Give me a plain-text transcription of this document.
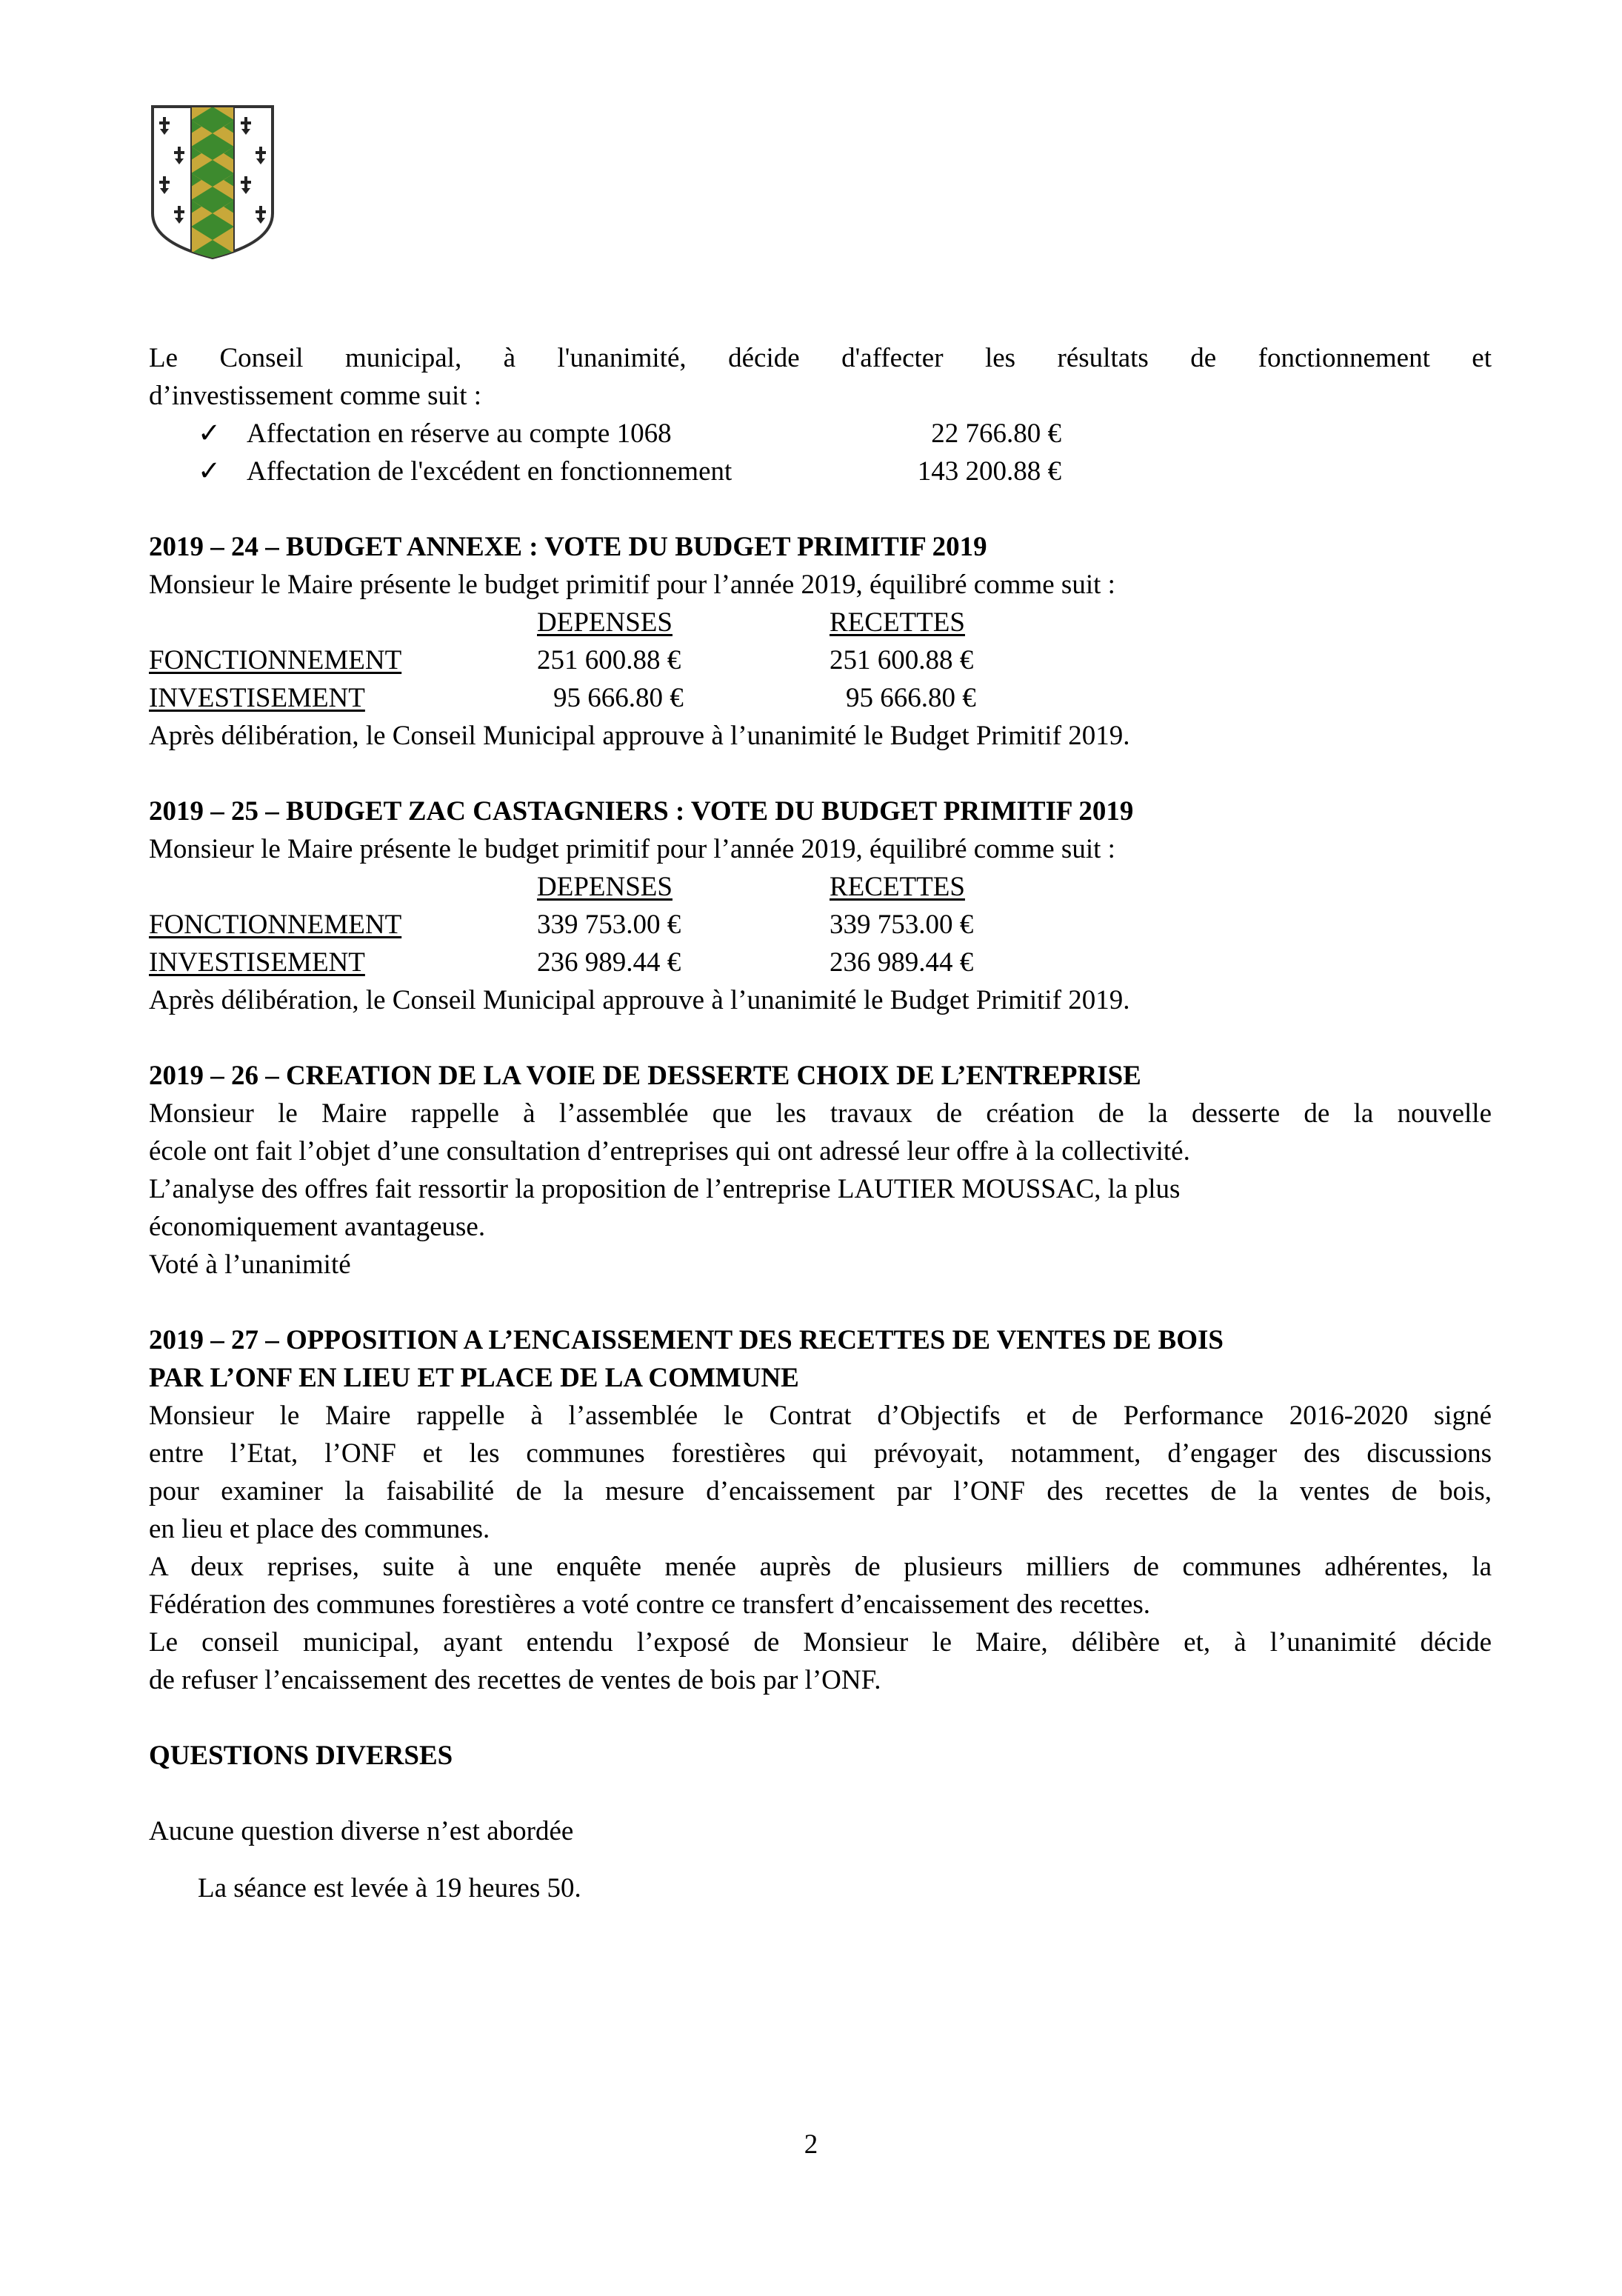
Le Conseil municipal, à l'unanimité, décide d'affecter les résultats de fonctionnement et

d’investissement comme suit :

✓ Affectation en réserve au compte 1068	22 766.80 €
✓ Affectation de l'excédent en fonctionnement	143 200.88 €

2019 – 24 – BUDGET ANNEXE : VOTE DU BUDGET PRIMITIF 2019

Monsieur le Maire présente le budget primitif pour l’année 2019, équilibré comme suit :

DEPENSES	RECETTES
FONCTIONNEMENT	251 600.88 €	251 600.88 €
INVESTISEMENT	95 666.80 €	95 666.80 €

Après délibération, le Conseil Municipal approuve à l’unanimité le Budget Primitif 2019.

2019 – 25 – BUDGET ZAC CASTAGNIERS : VOTE DU BUDGET PRIMITIF 2019

Monsieur le Maire présente le budget primitif pour l’année 2019, équilibré comme suit :

DEPENSES	RECETTES
FONCTIONNEMENT	339 753.00 €	339 753.00 €
INVESTISEMENT	236 989.44 €	236 989.44 €

Après délibération, le Conseil Municipal approuve à l’unanimité le Budget Primitif 2019.

2019 – 26 – CREATION DE LA VOIE DE DESSERTE CHOIX DE L’ENTREPRISE

Monsieur le Maire rappelle à l’assemblée que les travaux de création de la desserte de la nouvelle

école ont fait l’objet d’une consultation d’entreprises qui ont adressé leur offre à la collectivité.

L’analyse des offres fait ressortir la proposition de l’entreprise LAUTIER MOUSSAC, la plus

économiquement avantageuse.

Voté à l’unanimité

2019 – 27 – OPPOSITION A L’ENCAISSEMENT DES RECETTES DE VENTES DE BOIS

PAR L’ONF EN LIEU ET PLACE DE LA COMMUNE

Monsieur le Maire rappelle à l’assemblée le Contrat d’Objectifs et de Performance 2016-2020 signé

entre l’Etat, l’ONF et les communes forestières qui prévoyait, notamment, d’engager des discussions

pour examiner la faisabilité de la mesure d’encaissement par l’ONF des recettes de la ventes de bois,

en lieu et place des communes.

A deux reprises, suite à une enquête menée auprès de plusieurs milliers de communes adhérentes, la

Fédération des communes forestières a voté contre ce transfert d’encaissement des recettes.

Le conseil municipal, ayant entendu l’exposé de Monsieur le Maire, délibère et, à l’unanimité décide

de refuser l’encaissement des recettes de ventes de bois par l’ONF.

QUESTIONS DIVERSES

Aucune question diverse n’est abordée

La séance est levée à 19 heures 50.

2
